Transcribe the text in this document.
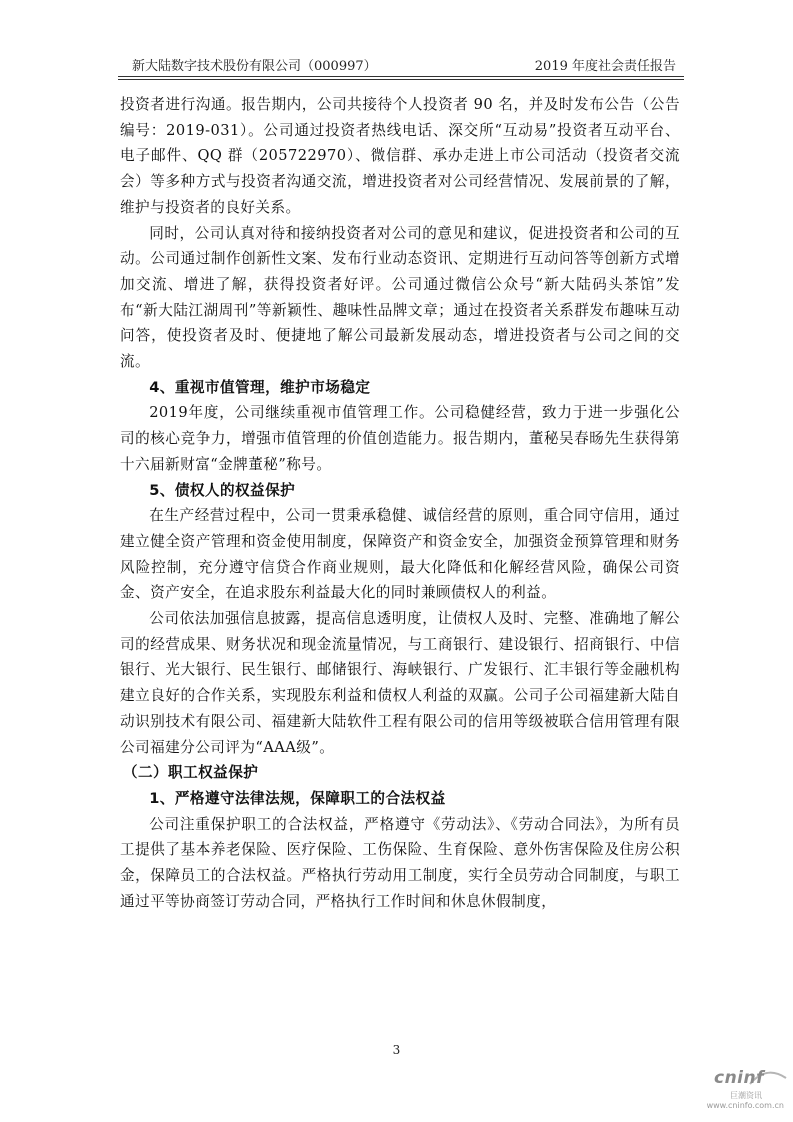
新大陆数字技术股份有限公司（000997）	2019 年度社会责任报告

投资者进行沟通。报告期内，公司共接待个人投资者 90 名，并及时发布公告（公告编号：2019-031）。公司通过投资者热线电话、深交所“互动易”投资者互动平台、电子邮件、QQ 群（205722970）、微信群、承办走进上市公司活动（投资者交流会）等多种方式与投资者沟通交流，增进投资者对公司经营情况、发展前景的了解，维护与投资者的良好关系。

同时，公司认真对待和接纳投资者对公司的意见和建议，促进投资者和公司的互动。公司通过制作创新性文案、发布行业动态资讯、定期进行互动问答等创新方式增加交流、增进了解，获得投资者好评。公司通过微信公众号“新大陆码头茶馆”发布“新大陆江湖周刊”等新颖性、趣味性品牌文章；通过在投资者关系群发布趣味互动问答，使投资者及时、便捷地了解公司最新发展动态，增进投资者与公司之间的交流。

4、重视市值管理，维护市场稳定

2019年度，公司继续重视市值管理工作。公司稳健经营，致力于进一步强化公司的核心竞争力，增强市值管理的价值创造能力。报告期内，董秘吴春旸先生获得第十六届新财富“金牌董秘”称号。

5、债权人的权益保护

在生产经营过程中，公司一贯秉承稳健、诚信经营的原则，重合同守信用，通过建立健全资产管理和资金使用制度，保障资产和资金安全，加强资金预算管理和财务风险控制，充分遵守信贷合作商业规则，最大化降低和化解经营风险，确保公司资金、资产安全，在追求股东利益最大化的同时兼顾债权人的利益。

公司依法加强信息披露，提高信息透明度，让债权人及时、完整、准确地了解公司的经营成果、财务状况和现金流量情况，与工商银行、建设银行、招商银行、中信银行、光大银行、民生银行、邮储银行、海峡银行、广发银行、汇丰银行等金融机构建立良好的合作关系，实现股东利益和债权人利益的双赢。公司子公司福建新大陆自动识别技术有限公司、福建新大陆软件工程有限公司的信用等级被联合信用管理有限公司福建分公司评为“AAA级”。

（二）职工权益保护
1、严格遵守法律法规，保障职工的合法权益

公司注重保护职工的合法权益，严格遵守《劳动法》、《劳动合同法》，为所有员工提供了基本养老保险、医疗保险、工伤保险、生育保险、意外伤害保险及住房公积金，保障员工的合法权益。严格执行劳动用工制度，实行全员劳动合同制度，与职工通过平等协商签订劳动合同，严格执行工作时间和休息休假制度，

3
cninf
巨潮资讯
www.cninfo.com.cn
